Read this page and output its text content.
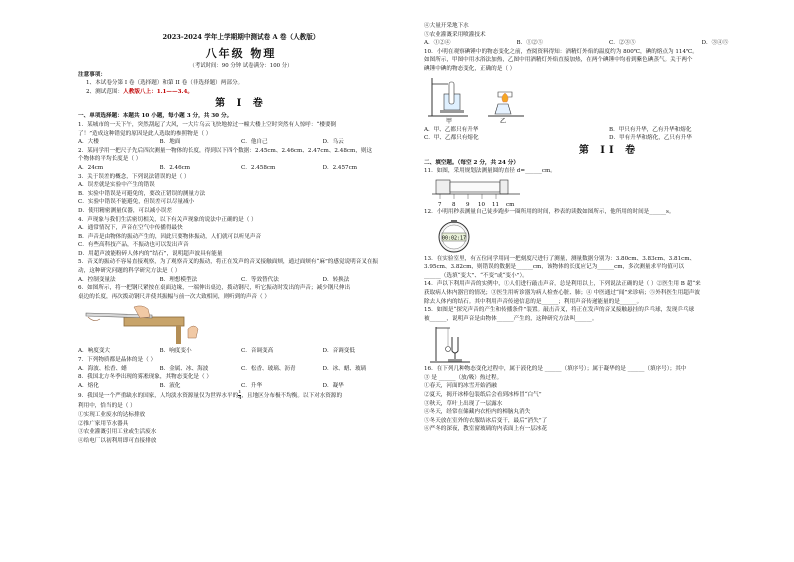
2023-2024 学年上学期期中测试卷 A 卷（人教版）
八年级 物理
（考试时间：90 分钟 试卷满分：100 分）
注意事项：
1、本试卷分第 I 卷（选择题）和第 II 卷（非选择题）两部分。
2、测试范围：人教版八上：1.1——3.4。
第 I 卷
一、单项选择题：本题共 10 小题，每小题 3 分，共 30 分。
1．某城市的一天下午，突然刮起了大风，一大片乌云飞快地掠过一幢大楼上空时突然有人惊呼：“楼要倒
了！”造成这种错觉的原因是此人选取的参照物是（ ）
A．大楼	B．地面	C．他自己	D．乌云
2．某同学用一把尺子先后四次测量一物体的长度，得到以下四个数据：2.45cm、2.46cm、2.47cm、2.48cm，则这
个物体的平均长度是（ ）
A．24cm	B．2.46cm	C．2.458cm	D．2.457cm
3．关于误差的概念，下列说法错误的是（ ）
A．误差就是实验中产生的错误
B．实验中错误是可避免的，要改正错误的测量方法
C．实验中错误不能避免，但误差可以尽量减小
D．使用精密测量仪器，可以减小误差
4．声现象与我们生活密切相关，以下有关声现象的说法中正确的是（ ）
A．通常情况下，声音在空气中传播得最快
B．声音是由物体的振动产生的，因此只要物体振动，人们就可以听见声音
C．有些高科技产品，不振动也可以发出声音
D．用超声波能粉碎人体内的“结石”，说明超声波具有能量
5．音叉的振动不容易直接观察，为了观察音叉的振动，将正在发声的音叉接触面颊，通过面颊有“麻”的感觉说明音叉在振
动，这种研究问题的科学研究方法是（ ）
A．控制变量法	B．理想模型法	C．等效替代法	D．转换法
6．如图所示，将一把钢尺紧按在桌面边缘，一端伸出桌边，拨动钢尺，听它振动时发出的声音；减少钢尺伸出
桌边的长度，再次拨动钢尺并使其振幅与前一次大致相同，则听到的声音（ ）
A．响度变大	B．响度变小	C．音调变高	D．音调变低
7．下列物质都是晶体的是（ ）
A．海波、松香、蜡	B．金属、冰、海波	C．松香、玻璃、沥青	D．冰、蜡、玻璃
8．我国北方冬季出现的雾凇现象，其物态变化是（ ）
A．熔化	B．液化	C．升华	D．凝华
9．我国是一个严重缺水的国家，人均淡水资源量仅为世界水平的 $\frac{1}{4}$ ，且地区分布极不均衡。以下对水资源的
利用中，恰当的是（ ）
①实现工业废水的达标排放
②推广家用节水器具
③农业灌溉引用工业或生活废水
④给电厂以初利用即可直接排放
④大量开采地下水
⑤农业灌溉采用喷灌技术
A．①②④	B．①②⑤	C．②③⑤	D．③④⑤
10．小明在观察碘锤中的物态变化之前，查阅资料得知：酒精灯外焰的温度约为 800℃，碘的熔点为 114℃。
如图所示，甲图中用水浴法加热，乙图中用酒精灯外焰直接加热，在两个碘锤中均看到紫色碘蒸气。关于两个
碘锤中碘的物态变化，正确的是（ ）
甲	乙
A．甲、乙都只有升华	B．甲只有升华，乙有升华和熔化
C．甲、乙都只有熔化	D．甲有升华和熔化，乙只有升华
第 II 卷
二、填空题。（每空 2 分，共 24 分）
11．如图，采用规划法测量圆的直径 d=______cm。
7 8 9 10 11 cm
12．小明用秒表测量自己徒步跑步一圈所用的时间，秒表的读数如图所示，他所用的时间是______s。
00:02:17
13．在实验室里，有五位同学用同一把刻度尺进行了测量，测量数据分别为：3.80cm、3.83cm、3.81cm、
3.95cm、3.82cm，则错误的数据是______cm，该物体的长度应记为______cm，多次测量求平均值可以
______（选填“变大”、“不变”或“变小”）。
14．声以下利用声音的实例中，①人们进行敲击声音，总是利用以上，下列说法正确的是（ ）②医生用 B 超“来
获取病人体内器官的情况；③医生用听诊器为病人检查心脏、肺；④ 中医通过“闻”来诊病；⑤外科医生用超声波
除去人体内的结石。其中利用声音传递信息的是______；利用声音传递能量的是______。
15．如图是“探究声音的产生和传播条件”装置。敲击音叉，将正在发声的音叉接触悬挂的乒乓球，发现乒乓球
被______，说明声音是由物体______产生的，这种研究方法叫______。
16．在下列几种物态变化过程中，属于液化的是 ______（填序号）；属于凝华的是 ______（填序号）；其中
③ 是 ______（放/吸）热过程。
①春天，河面的冰雪开始消融
②夏天，揭开冰棒包装纸后会看到冰棒冒“白气”
③秋天，草叶上出现了一层露水
④冬天，经常在储藏内衣柜内的樟脑丸消失
⑤冬天放在室外的衣服结冰后变干，最后“消失”了
⑥严冬的深夜，教室窗玻璃的内表面上有一层冰花
